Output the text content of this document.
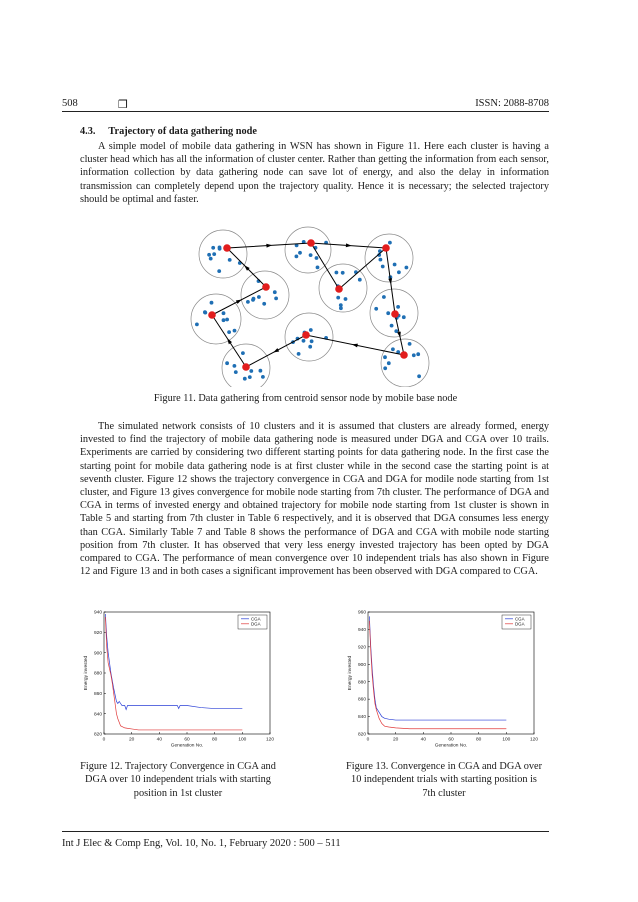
508	❒	ISSN: 2088-8708
4.3. Trajectory of data gathering node

A simple model of mobile data gathering in WSN has shown in Figure 11. Here each cluster is having a cluster head which has all the information of cluster center. Rather than getting the information from each sensor, information collection by data gathering node can save lot of energy, and also the delay in information transmission can completely depend upon the trajectory quality. Hence it is necessary; the selected trajectory should be optimal and faster.

Figure 11. Data gathering from centroid sensor node by mobile base node

The simulated network consists of 10 clusters and it is assumed that clusters are already formed, energy invested to find the trajectory of mobile data gathering node is measured under DGA and CGA over 10 trails. Experiments are carried by considering two different starting points for data gathering node. In the first case the starting point for mobile data gathering node is at first cluster while in the second case the starting point is at seventh cluster. Figure 12 shows the trajectory convergence in CGA and DGA for modile node starting from 1st cluster, and Figure 13 gives convergence for mobile node starting from 7th cluster. The performance of DGA and CGA in terms of invested energy and obtained trajectory for mobile node starting from 1st cluster is shown in Table 5 and starting from 7th cluster in Table 6 respectively, and it is observed that DGA consumes less energy than CGA. Similarly Table 7 and Table 8 shows the performance of DGA and CGA with mobile node starting position from 7th cluster. It has observed that very less energy invested trajectory has been opted by DGA compared to CGA. The performance of mean convergence over 10 independent trials has also shown in Figure 12 and Figure 13 and in both cases a significant improvement has been observed with DGA compared to CGA.

0	20	40	60	80	100	120
820
840
860
880
900
920
940
Generation No.
Energy invested
CGA
DGA
Figure 12. Trajectory Convergence in CGA and DGA over 10 independent trials with starting position in 1st cluster
0	20	40	60	80	100	120
820
840
860
880
900
920
940
960
Generation No.
Energy invested
CGA
DGA
Figure 13. Convergence in CGA and DGA over 10 independent trials with starting position is 7th cluster
Int J Elec & Comp Eng, Vol. 10, No. 1, February 2020 : 500 – 511
